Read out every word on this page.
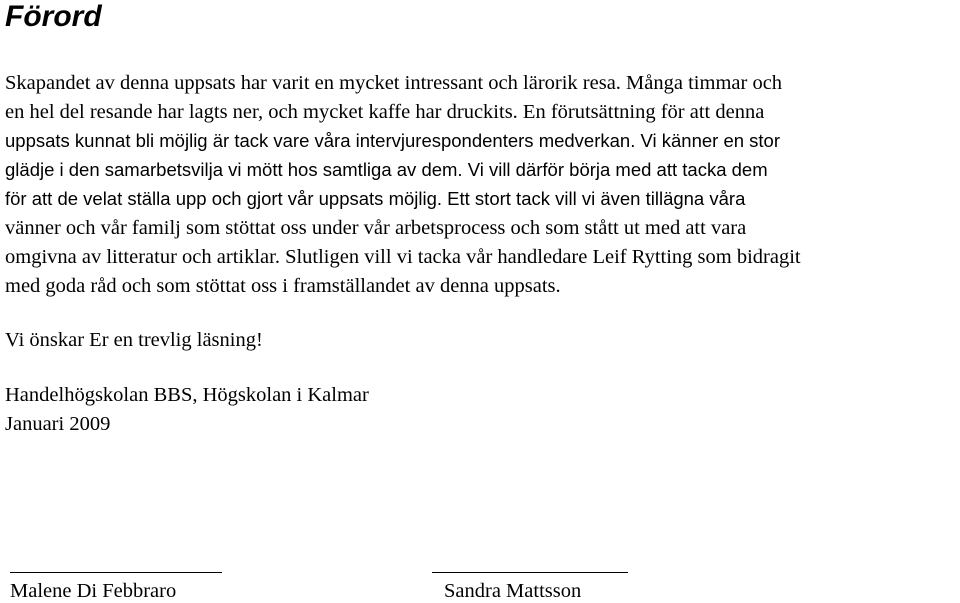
Förord

Skapandet av denna uppsats har varit en mycket intressant och lärorik resa. Många timmar och

en hel del resande har lagts ner, och mycket kaffe har druckits. En förutsättning för att denna

uppsats kunnat bli möjlig är tack vare våra intervjurespondenters medverkan. Vi känner en stor

glädje i den samarbetsvilja vi mött hos samtliga av dem. Vi vill därför börja med att tacka dem

för att de velat ställa upp och gjort vår uppsats möjlig. Ett stort tack vill vi även tillägna våra

vänner och vår familj som stöttat oss under vår arbetsprocess och som stått ut med att vara

omgivna av litteratur och artiklar. Slutligen vill vi tacka vår handledare Leif Rytting som bidragit

med goda råd och som stöttat oss i framställandet av denna uppsats.

Vi önskar Er en trevlig läsning!

Handelhögskolan BBS, Högskolan i Kalmar

Januari 2009

Malene Di Febbraro	Sandra Mattsson
